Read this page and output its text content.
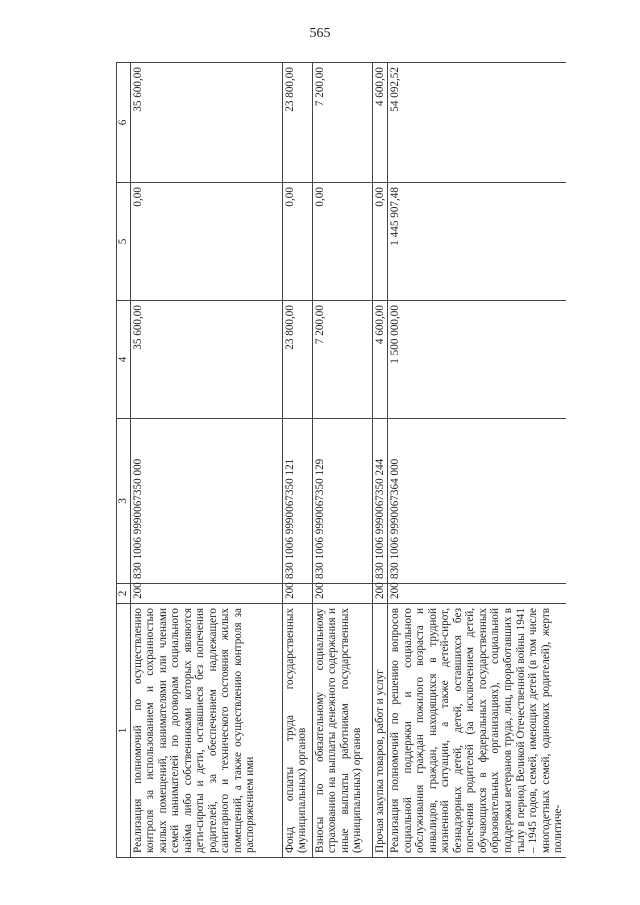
565
1	2	3	4	5	6
Реализация полномочий по осуществлению контроля за использованием и сохранностью жилых помещений, нанимателями или членами семей нанимателей по договорам социального найма либо собственниками которых являются дети-сироты и дети, оставшиеся без попечения родителей, за обеспечением надлежащего санитарного и технического состояния жилых помещений, а также осуществлению контроля за распоряжением ими	200	830 1006 9990067350 000	35 600,00	0,00	35 600,00
Фонд оплаты труда государственных (муниципальных) органов	200	830 1006 9990067350 121	23 800,00	0,00	23 800,00
Взносы по обязательному социальному страхованию на выплаты денежного содержания и иные выплаты работникам государственных (муниципальных) органов	200	830 1006 9990067350 129	7 200,00	0,00	7 200,00
Прочая закупка товаров, работ и услуг	200	830 1006 9990067350 244	4 600,00	0,00	4 600,00
Реализация полномочий по решению вопросов социальной поддержки и социального обслуживания граждан пожилого возраста и инвалидов, граждан, находящихся в трудной жизненной ситуации, а также детей-сирот, безнадзорных детей, детей, оставшихся без попечения родителей (за исключением детей, обучающихся в федеральных государственных образовательных организациях), социальной поддержки ветеранов труда, лиц, проработавших в тылу в период Великой Отечественной войны 1941 – 1945 годов, семей, имеющих детей (в том числе многодетных семей, одиноких родителей), жертв политиче-	200	830 1006 9990067364 000	1 500 000,00	1 445 907,48	54 092,52
